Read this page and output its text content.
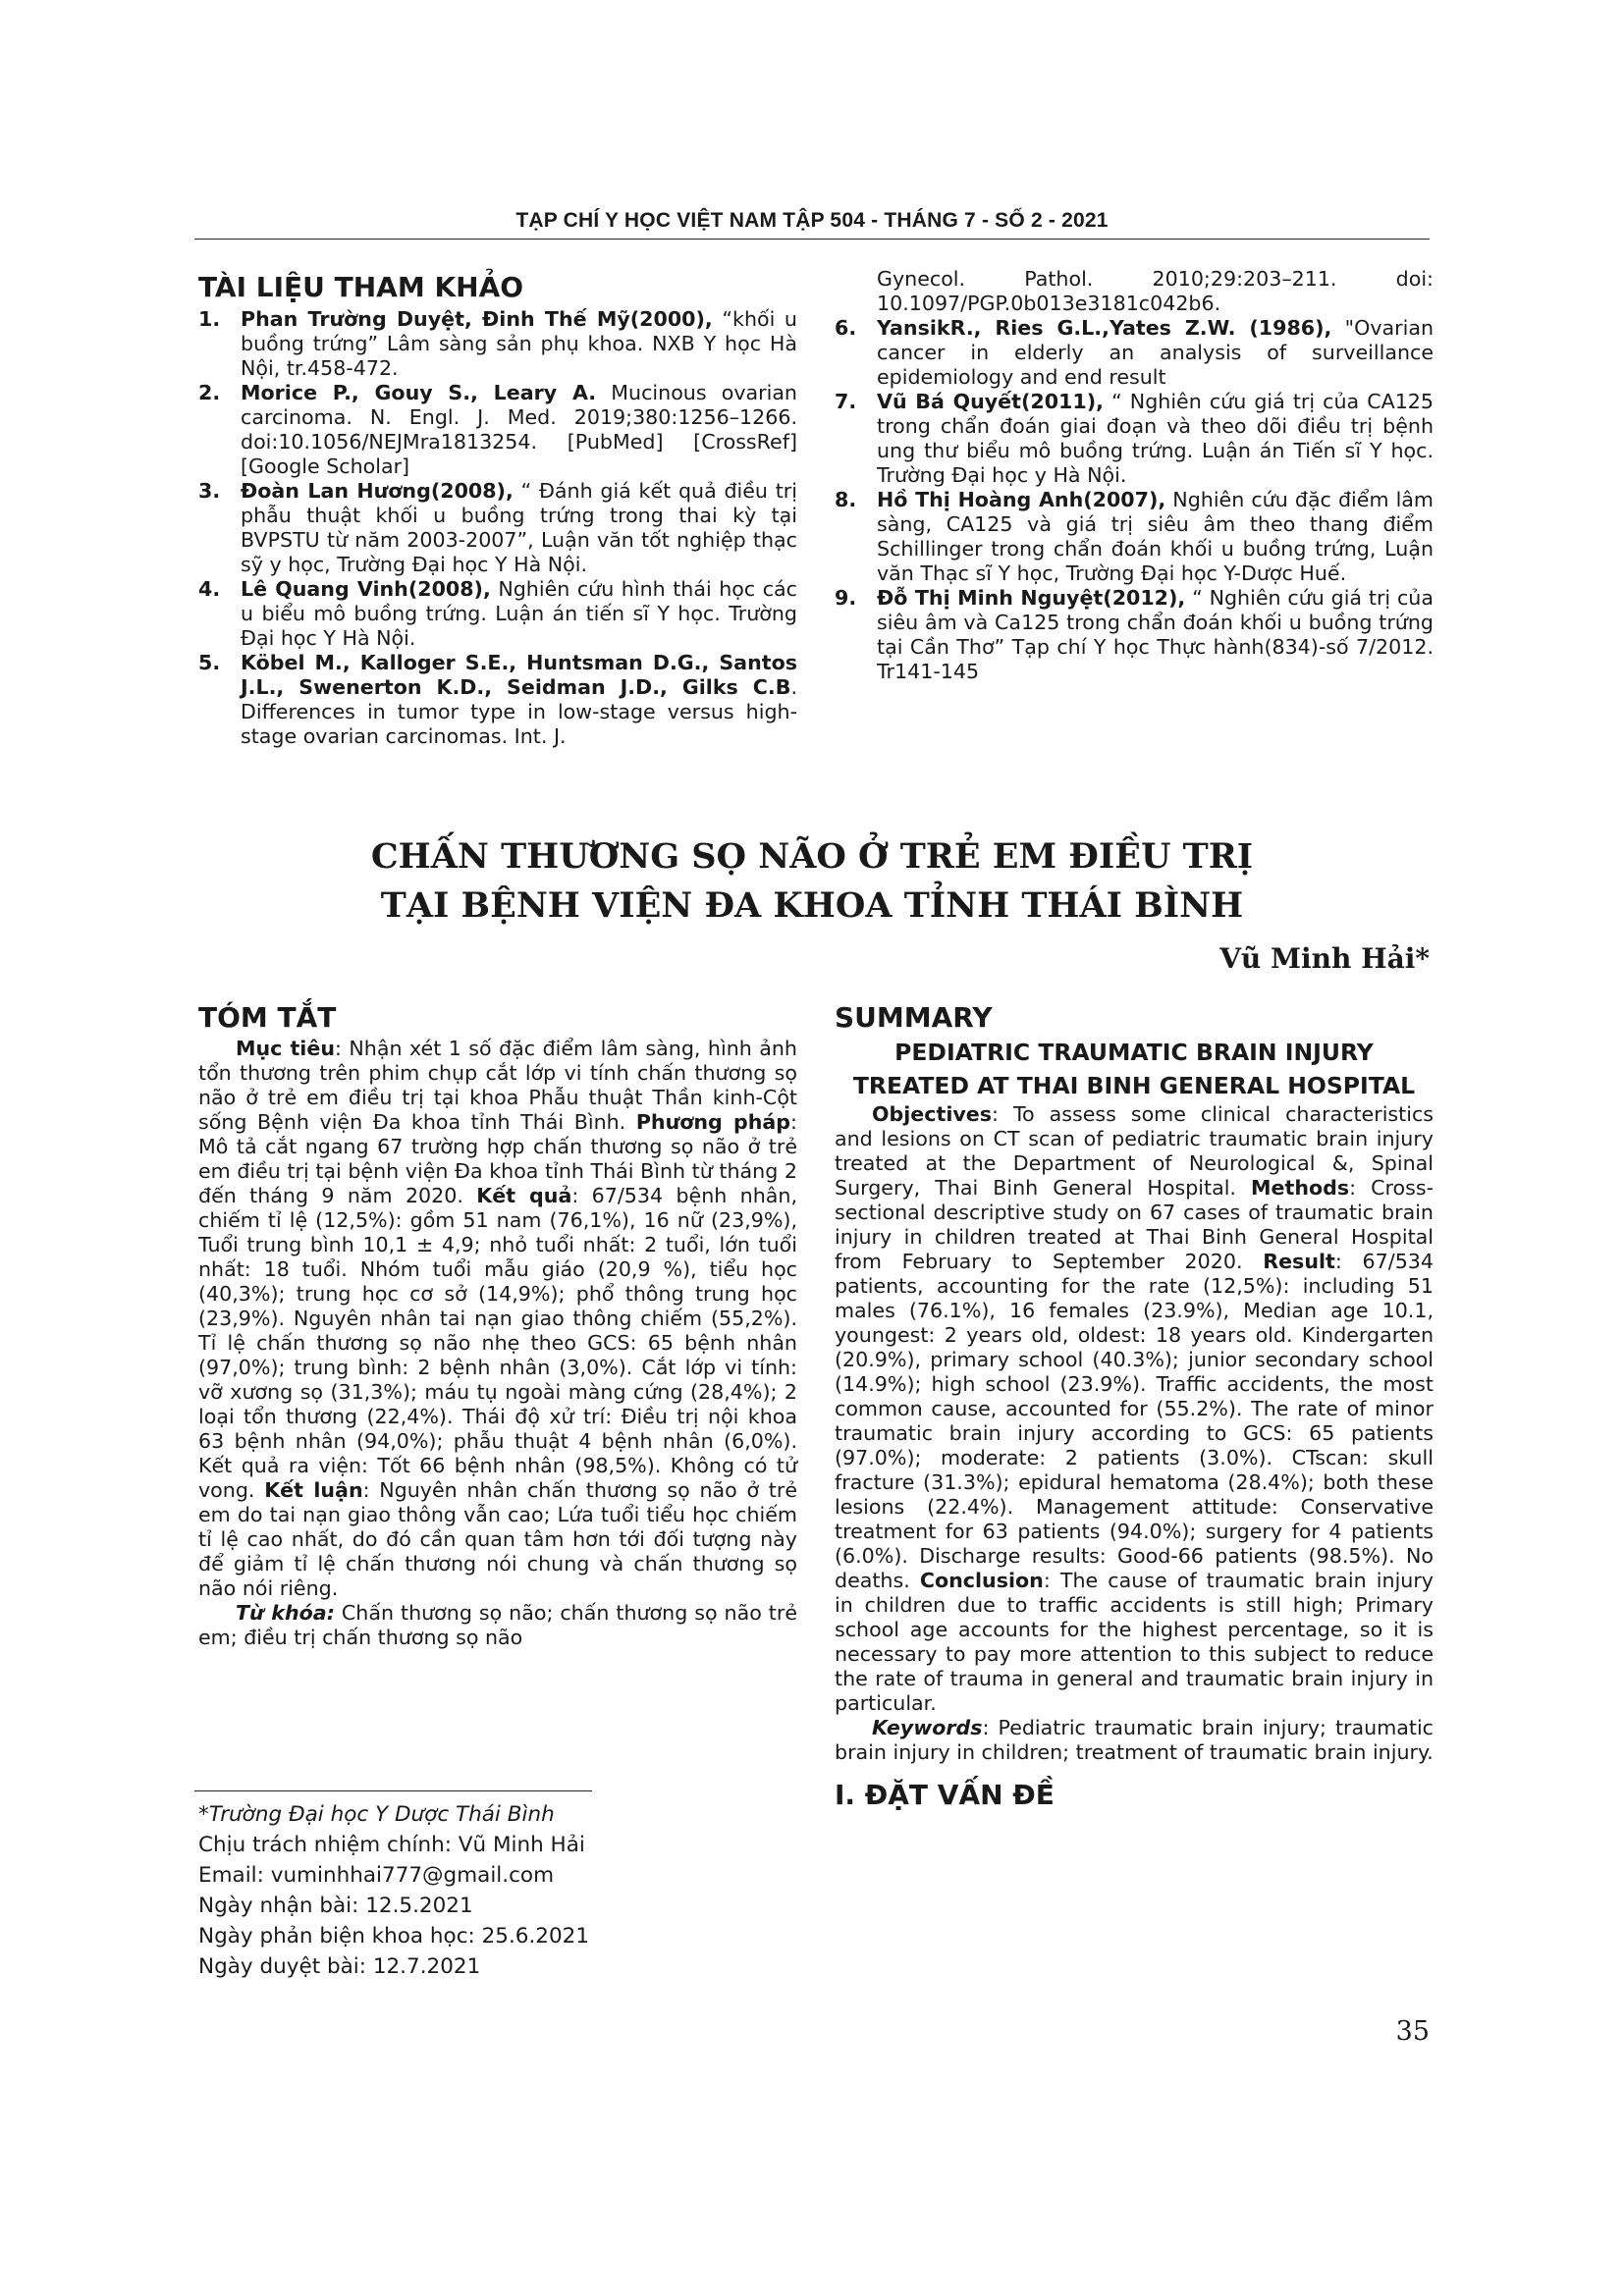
TẠP CHÍ Y HỌC VIỆT NAM TẬP 504 - THÁNG 7 - SỐ 2 - 2021
TÀI LIỆU THAM KHẢO
1. Phan Trường Duyệt, Đinh Thế Mỹ(2000), “khối u buồng trứng” Lâm sàng sản phụ khoa. NXB Y học Hà Nội, tr.458-472.
2. Morice P., Gouy S., Leary A. Mucinous ovarian carcinoma. N. Engl. J. Med. 2019;380:1256–1266. doi:10.1056/NEJMra1813254. [PubMed] [CrossRef] [Google Scholar]
3. Đoàn Lan Hương(2008), “ Đánh giá kết quả điều trị phẫu thuật khối u buồng trứng trong thai kỳ tại BVPSTU từ năm 2003-2007”, Luận văn tốt nghiệp thạc sỹ y học, Trường Đại học Y Hà Nội.
4. Lê Quang Vinh(2008), Nghiên cứu hình thái học các u biểu mô buồng trứng. Luận án tiến sĩ Y học. Trường Đại học Y Hà Nội.
5. Köbel M., Kalloger S.E., Huntsman D.G., Santos J.L., Swenerton K.D., Seidman J.D., Gilks C.B. Differences in tumor type in low-stage versus high-stage ovarian carcinomas. Int. J.
Gynecol. Pathol. 2010;29:203–211. doi: 10.1097/PGP.0b013e3181c042b6.
6. YansikR., Ries G.L.,Yates Z.W. (1986), "Ovarian cancer in elderly an analysis of surveillance epidemiology and end result
7. Vũ Bá Quyết(2011), “ Nghiên cứu giá trị của CA125 trong chẩn đoán giai đoạn và theo dõi điều trị bệnh ung thư biểu mô buồng trứng. Luận án Tiến sĩ Y học. Trường Đại học y Hà Nội.
8. Hồ Thị Hoàng Anh(2007), Nghiên cứu đặc điểm lâm sàng, CA125 và giá trị siêu âm theo thang điểm Schillinger trong chẩn đoán khối u buồng trứng, Luận văn Thạc sĩ Y học, Trường Đại học Y-Dược Huế.
9. Đỗ Thị Minh Nguyệt(2012), “ Nghiên cứu giá trị của siêu âm và Ca125 trong chẩn đoán khối u buồng trứng tại Cần Thơ” Tạp chí Y học Thực hành(834)-số 7/2012. Tr141-145
CHẤN THƯƠNG SỌ NÃO Ở TRẺ EM ĐIỀU TRỊ
TẠI BỆNH VIỆN ĐA KHOA TỈNH THÁI BÌNH
Vũ Minh Hải*
TÓM TẮT

Mục tiêu: Nhận xét 1 số đặc điểm lâm sàng, hình ảnh tổn thương trên phim chụp cắt lớp vi tính chấn thương sọ não ở trẻ em điều trị tại khoa Phẫu thuật Thần kinh-Cột sống Bệnh viện Đa khoa tỉnh Thái Bình. Phương pháp: Mô tả cắt ngang 67 trường hợp chấn thương sọ não ở trẻ em điều trị tại bệnh viện Đa khoa tỉnh Thái Bình từ tháng 2 đến tháng 9 năm 2020. Kết quả: 67/534 bệnh nhân, chiếm tỉ lệ (12,5%): gồm 51 nam (76,1%), 16 nữ (23,9%), Tuổi trung bình 10,1 ± 4,9; nhỏ tuổi nhất: 2 tuổi, lớn tuổi nhất: 18 tuổi. Nhóm tuổi mẫu giáo (20,9 %), tiểu học (40,3%); trung học cơ sở (14,9%); phổ thông trung học (23,9%). Nguyên nhân tai nạn giao thông chiếm (55,2%). Tỉ lệ chấn thương sọ não nhẹ theo GCS: 65 bệnh nhân (97,0%); trung bình: 2 bệnh nhân (3,0%). Cắt lớp vi tính: vỡ xương sọ (31,3%); máu tụ ngoài màng cứng (28,4%); 2 loại tổn thương (22,4%). Thái độ xử trí: Điều trị nội khoa 63 bệnh nhân (94,0%); phẫu thuật 4 bệnh nhân (6,0%). Kết quả ra viện: Tốt 66 bệnh nhân (98,5%). Không có tử vong. Kết luận: Nguyên nhân chấn thương sọ não ở trẻ em do tai nạn giao thông vẫn cao; Lứa tuổi tiểu học chiếm tỉ lệ cao nhất, do đó cần quan tâm hơn tới đối tượng này để giảm tỉ lệ chấn thương nói chung và chấn thương sọ não nói riêng.

Từ khóa: Chấn thương sọ não; chấn thương sọ não trẻ em; điều trị chấn thương sọ não

*Trường Đại học Y Dược Thái Bình
Chịu trách nhiệm chính: Vũ Minh Hải
Email: vuminhhai777@gmail.com
Ngày nhận bài: 12.5.2021
Ngày phản biện khoa học: 25.6.2021
Ngày duyệt bài: 12.7.2021
SUMMARY
PEDIATRIC TRAUMATIC BRAIN INJURY
TREATED AT THAI BINH GENERAL HOSPITAL

Objectives: To assess some clinical characteristics and lesions on CT scan of pediatric traumatic brain injury treated at the Department of Neurological &, Spinal Surgery, Thai Binh General Hospital. Methods: Cross-sectional descriptive study on 67 cases of traumatic brain injury in children treated at Thai Binh General Hospital from February to September 2020. Result: 67/534 patients, accounting for the rate (12,5%): including 51 males (76.1%), 16 females (23.9%), Median age 10.1, youngest: 2 years old, oldest: 18 years old. Kindergarten (20.9%), primary school (40.3%); junior secondary school (14.9%); high school (23.9%). Traffic accidents, the most common cause, accounted for (55.2%). The rate of minor traumatic brain injury according to GCS: 65 patients (97.0%); moderate: 2 patients (3.0%). CTscan: skull fracture (31.3%); epidural hematoma (28.4%); both these lesions (22.4%). Management attitude: Conservative treatment for 63 patients (94.0%); surgery for 4 patients (6.0%). Discharge results: Good-66 patients (98.5%). No deaths. Conclusion: The cause of traumatic brain injury in children due to traffic accidents is still high; Primary school age accounts for the highest percentage, so it is necessary to pay more attention to this subject to reduce the rate of trauma in general and traumatic brain injury in particular.

Keywords: Pediatric traumatic brain injury; traumatic brain injury in children; treatment of traumatic brain injury.

I. ĐẶT VẤN ĐỀ
35
